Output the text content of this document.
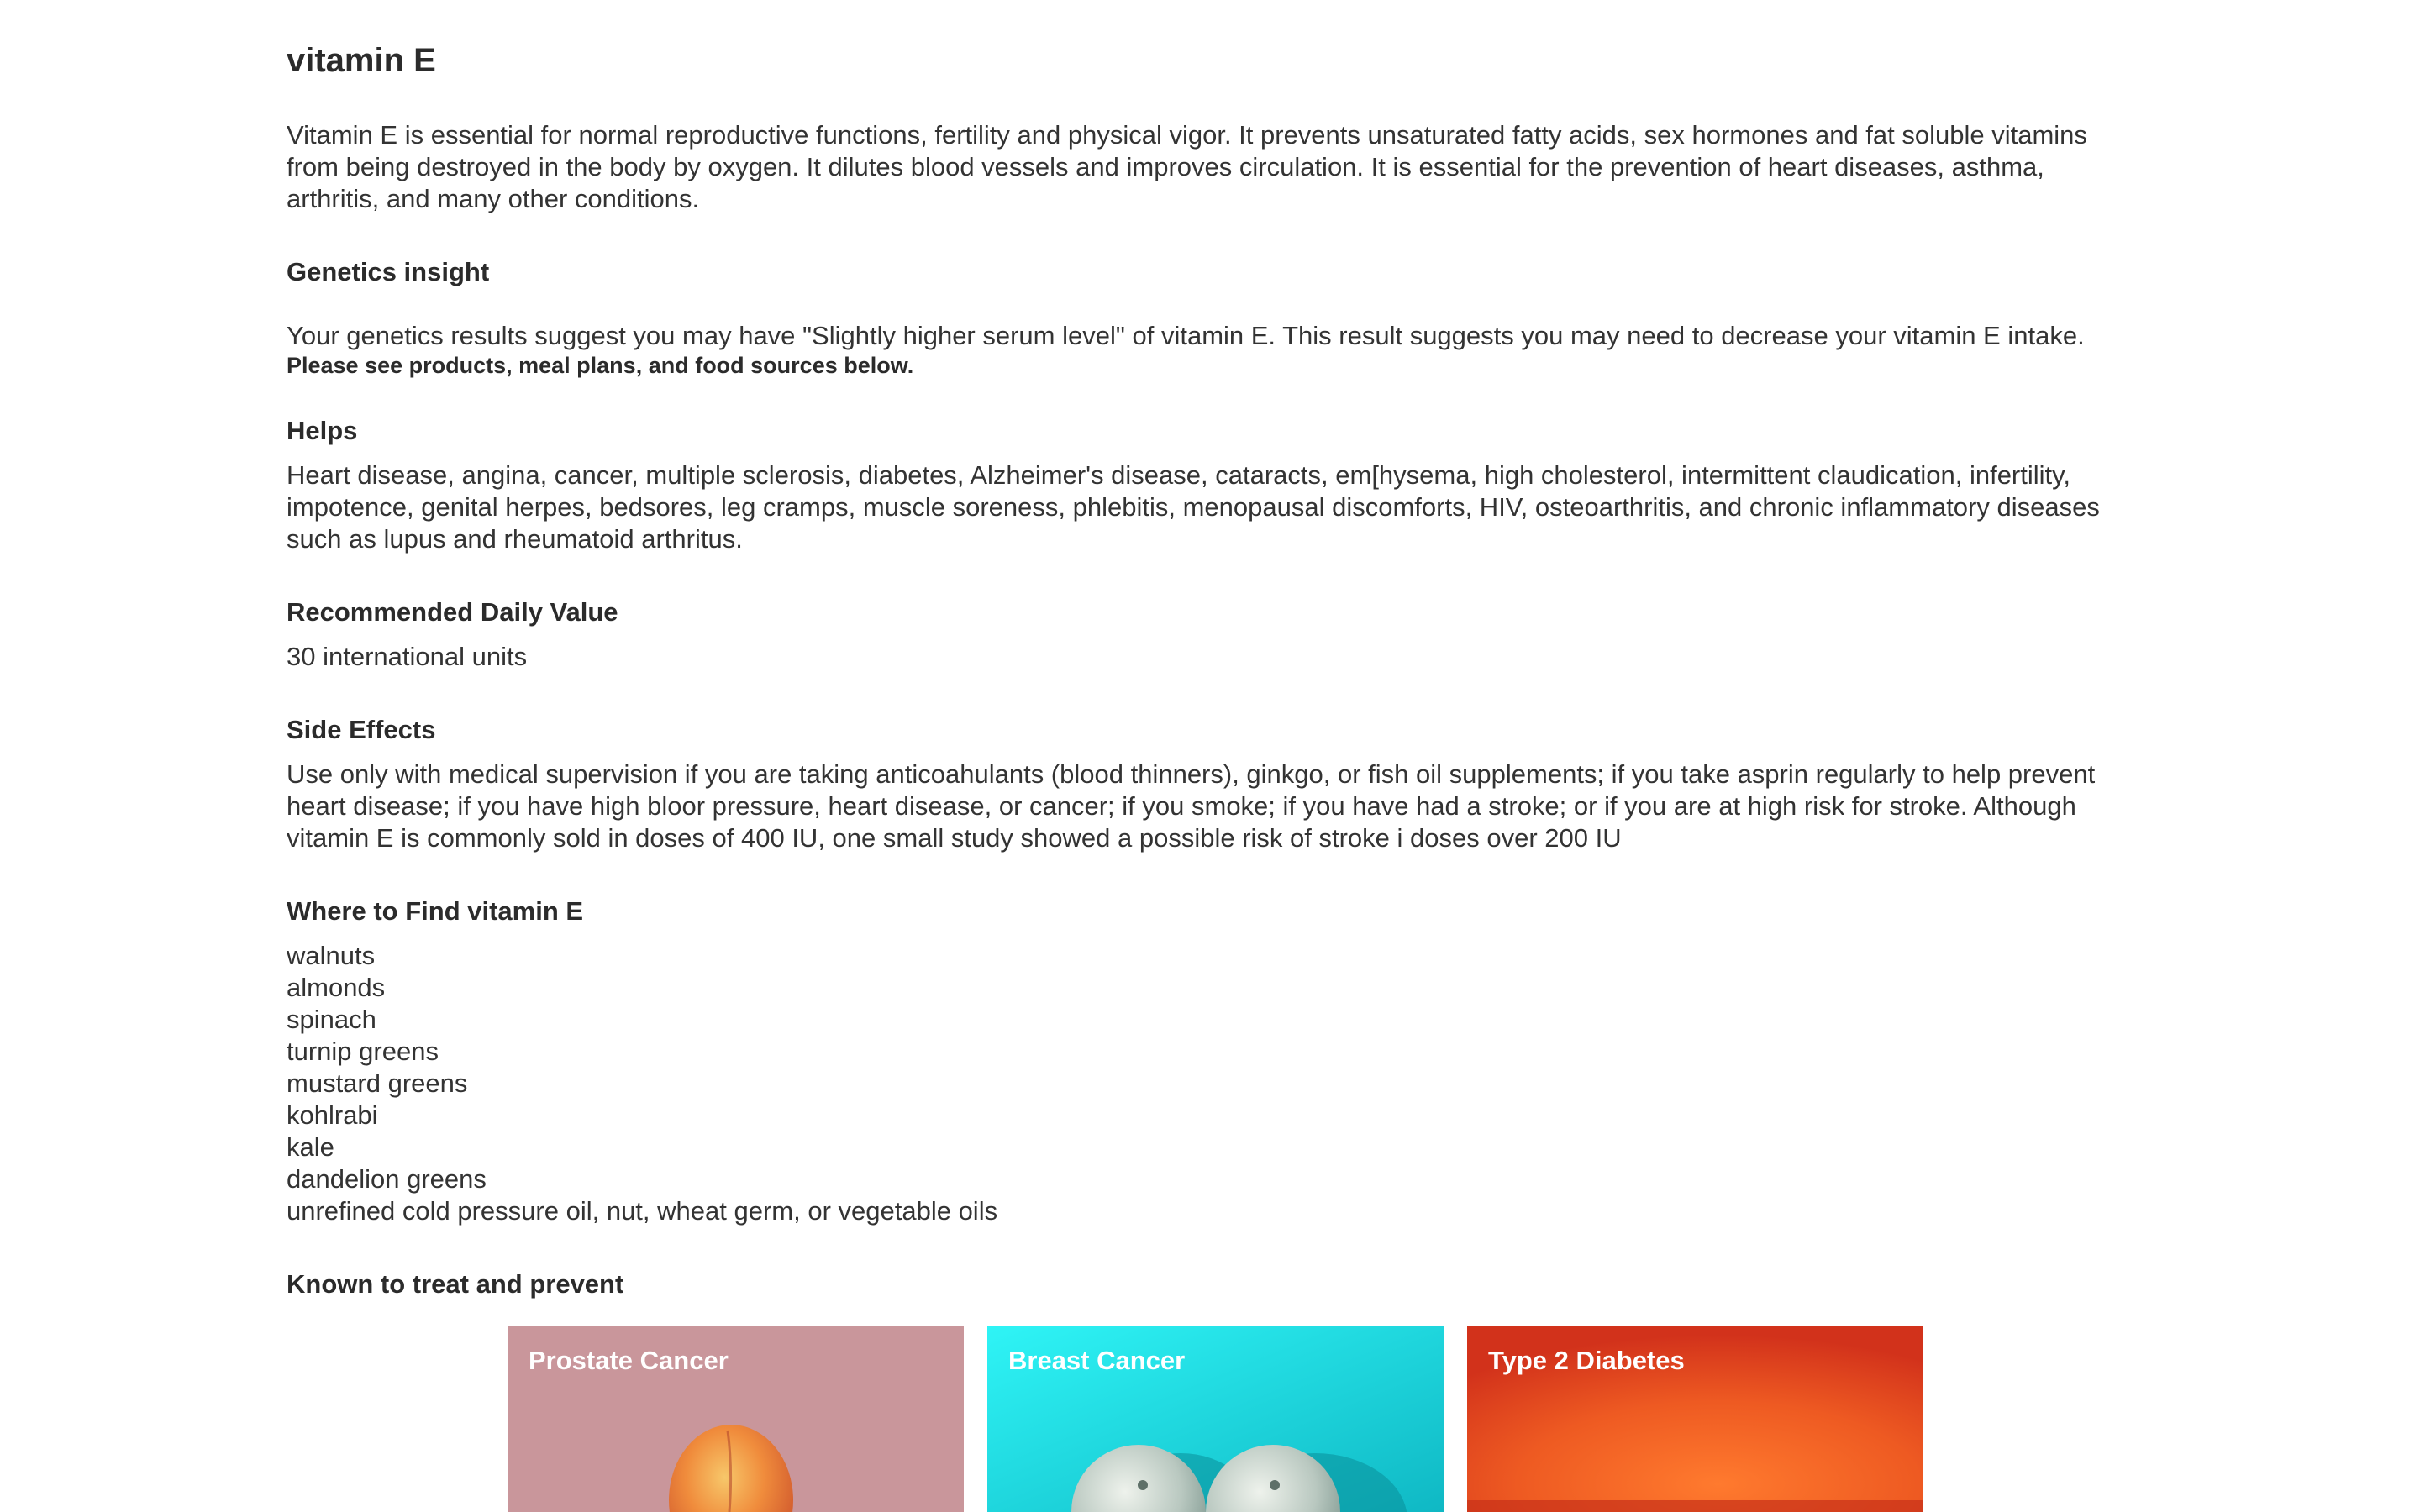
vitamin E

Vitamin E is essential for normal reproductive functions, fertility and physical vigor. It prevents unsaturated fatty acids, sex hormones and fat soluble vitamins from being destroyed in the body by oxygen. It dilutes blood vessels and improves circulation. It is essential for the prevention of heart diseases, asthma, arthritis, and many other conditions.

Genetics insight

Your genetics results suggest you may have "Slightly higher serum level" of vitamin E. This result suggests you may need to decrease your vitamin E intake.

Please see products, meal plans, and food sources below.

Helps

Heart disease, angina, cancer, multiple sclerosis, diabetes, Alzheimer's disease, cataracts, em[hysema, high cholesterol, intermittent claudication, infertility, impotence, genital herpes, bedsores, leg cramps, muscle soreness, phlebitis, menopausal discomforts, HIV, osteoarthritis, and chronic inflammatory diseases such as lupus and rheumatoid arthritus.

Recommended Daily Value

30 international units

Side Effects

Use only with medical supervision if you are taking anticoahulants (blood thinners), ginkgo, or fish oil supplements; if you take asprin regularly to help prevent heart disease; if you have high bloor pressure, heart disease, or cancer; if you smoke; if you have had a stroke; or if you are at high risk for stroke. Although vitamin E is commonly sold in doses of 400 IU, one small study showed a possible risk of stroke i doses over 200 IU

Where to Find vitamin E
walnuts
almonds
spinach
turnip greens
mustard greens
kohlrabi
kale
dandelion greens
unrefined cold pressure oil, nut, wheat germ, or vegetable oils
Known to treat and prevent
Prostate Cancer	Breast Cancer	Type 2 Diabetes
